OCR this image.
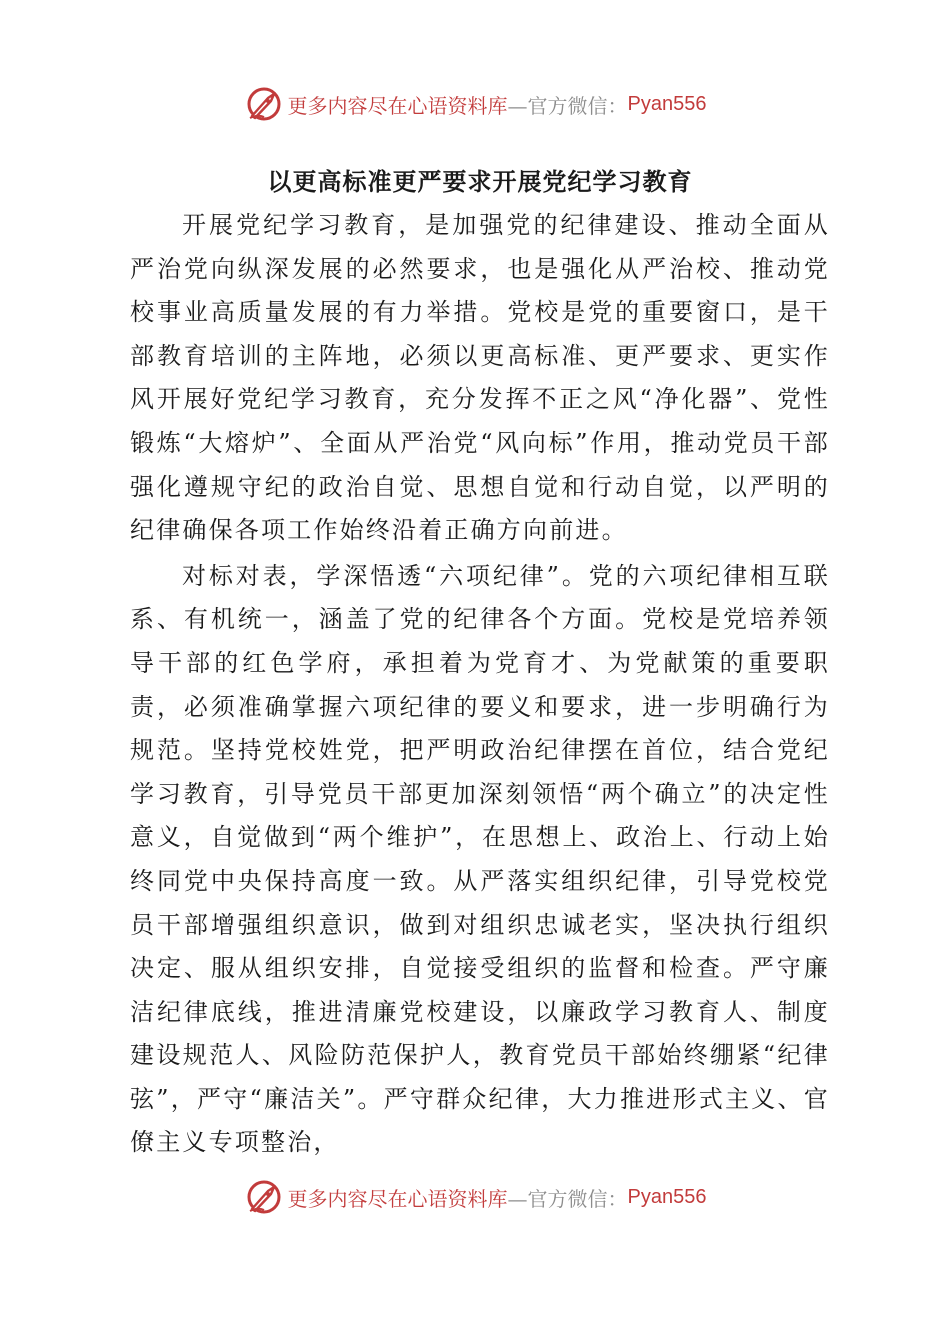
更多内容尽在心语资料库 —官方微信： Pyan556
以更高标准更严要求开展党纪学习教育

开展党纪学习教育，是加强党的纪律建设、推动全面从严治党向纵深发展的必然要求，也是强化从严治校、推动党校事业高质量发展的有力举措。党校是党的重要窗口，是干部教育培训的主阵地，必须以更高标准、更严要求、更实作风开展好党纪学习教育，充分发挥不正之风“净化器”、党性锻炼“大熔炉”、全面从严治党“风向标”作用，推动党员干部强化遵规守纪的政治自觉、思想自觉和行动自觉，以严明的纪律确保各项工作始终沿着正确方向前进。

对标对表，学深悟透“六项纪律”。党的六项纪律相互联系、有机统一，涵盖了党的纪律各个方面。党校是党培养领导干部的红色学府，承担着为党育才、为党献策的重要职责，必须准确掌握六项纪律的要义和要求，进一步明确行为规范。坚持党校姓党，把严明政治纪律摆在首位，结合党纪学习教育，引导党员干部更加深刻领悟“两个确立”的决定性意义，自觉做到“两个维护”，在思想上、政治上、行动上始终同党中央保持高度一致。从严落实组织纪律，引导党校党员干部增强组织意识，做到对组织忠诚老实，坚决执行组织决定、服从组织安排，自觉接受组织的监督和检查。严守廉洁纪律底线，推进清廉党校建设，以廉政学习教育人、制度建设规范人、风险防范保护人，教育党员干部始终绷紧“纪律弦”，严守“廉洁关”。严守群众纪律，大力推进形式主义、官僚主义专项整治，

更多内容尽在心语资料库 —官方微信： Pyan556
